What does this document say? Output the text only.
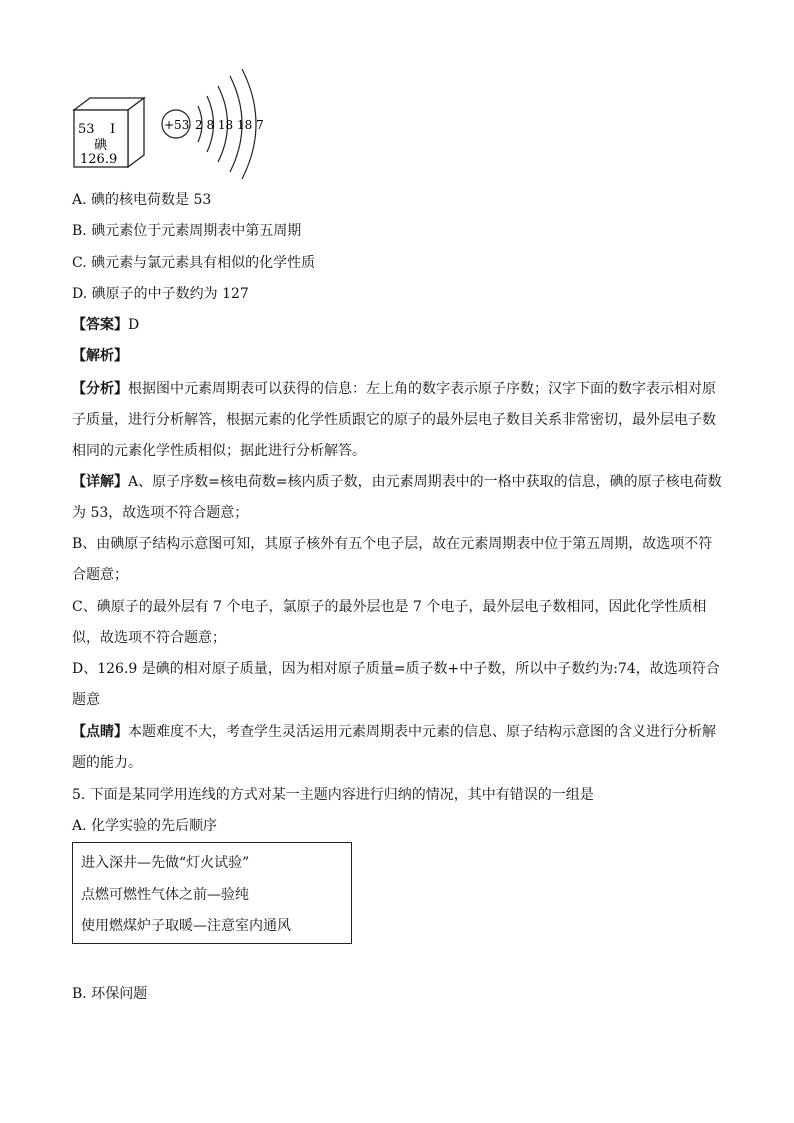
53 I
碘
126.9
+53 2 8 18 18 7
A. 碘的核电荷数是 53
B. 碘元素位于元素周期表中第五周期
C. 碘元素与氯元素具有相似的化学性质
D. 碘原子的中子数约为 127
【答案】D
【解析】
【分析】根据图中元素周期表可以获得的信息：左上角的数字表示原子序数；汉字下面的数字表示相对原子质量，进行分析解答，根据元素的化学性质跟它的原子的最外层电子数目关系非常密切，最外层电子数相同的元素化学性质相似；据此进行分析解答。
【详解】A、原子序数=核电荷数=核内质子数，由元素周期表中的一格中获取的信息，碘的原子核电荷数为 53，故选项不符合题意；
B、由碘原子结构示意图可知，其原子核外有五个电子层，故在元素周期表中位于第五周期，故选项不符合题意；
C、碘原子的最外层有 7 个电子，氯原子的最外层也是 7 个电子，最外层电子数相同，因此化学性质相似，故选项不符合题意；
D、126.9 是碘的相对原子质量，因为相对原子质量=质子数+中子数，所以中子数约为:74，故选项符合题意
【点睛】本题难度不大，考查学生灵活运用元素周期表中元素的信息、原子结构示意图的含义进行分析解题的能力。
5. 下面是某同学用连线的方式对某一主题内容进行归纳的情况，其中有错误的一组是
A. 化学实验的先后顺序
进入深井—先做“灯火试验”
点燃可燃性气体之前—验纯
使用燃煤炉子取暖—注意室内通风
B. 环保问题
